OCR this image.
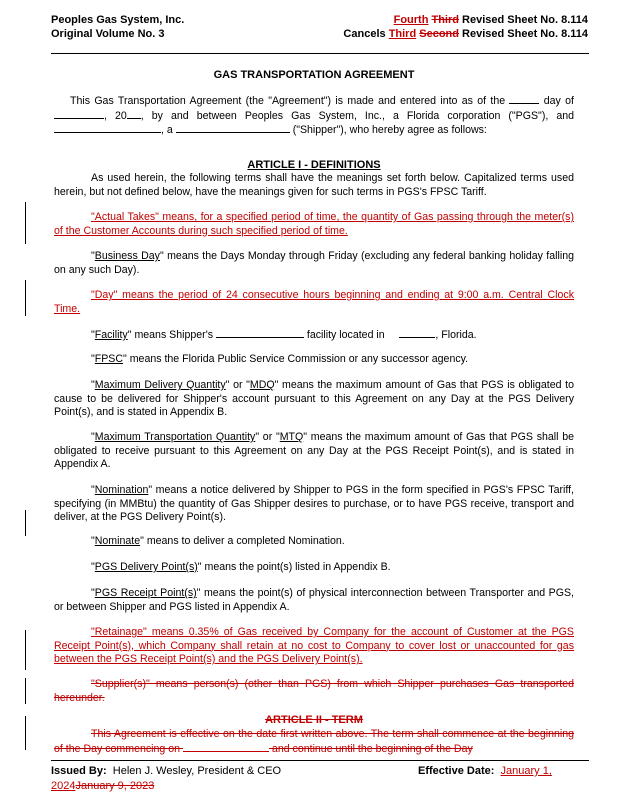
Peoples Gas System, Inc.
Original Volume No. 3
Fourth Third Revised Sheet No. 8.114
Cancels Third Second Revised Sheet No. 8.114
GAS TRANSPORTATION AGREEMENT
This Gas Transportation Agreement (the "Agreement") is made and entered into as of the	day of , 20 , by and between Peoples Gas System, Inc., a Florida corporation ("PGS"), and , a	("Shipper"), who hereby agree as follows:
ARTICLE I - DEFINITIONS
As used herein, the following terms shall have the meanings set forth below. Capitalized terms used herein, but not defined below, have the meanings given for such terms in PGS's FPSC Tariff.
"Actual Takes" means, for a specified period of time, the quantity of Gas passing through the meter(s) of the Customer Accounts during such specified period of time.
"Business Day" means the Days Monday through Friday (excluding any federal banking holiday falling on any such Day).
"Day" means the period of 24 consecutive hours beginning and ending at 9:00 a.m. Central Clock Time.
"Facility" means Shipper's	facility located in	, Florida.
"FPSC" means the Florida Public Service Commission or any successor agency.
"Maximum Delivery Quantity" or "MDQ" means the maximum amount of Gas that PGS is obligated to cause to be delivered for Shipper's account pursuant to this Agreement on any Day at the PGS Delivery Point(s), and is stated in Appendix B.
"Maximum Transportation Quantity" or "MTQ" means the maximum amount of Gas that PGS shall be obligated to receive pursuant to this Agreement on any Day at the PGS Receipt Point(s), and is stated in Appendix A.
"Nomination" means a notice delivered by Shipper to PGS in the form specified in PGS's FPSC Tariff, specifying (in MMBtu) the quantity of Gas Shipper desires to purchase, or to have PGS receive, transport and deliver, at the PGS Delivery Point(s).
"Nominate" means to deliver a completed Nomination.
"PGS Delivery Point(s)" means the point(s) listed in Appendix B.
"PGS Receipt Point(s)" means the point(s) of physical interconnection between Transporter and PGS, or between Shipper and PGS listed in Appendix A.
"Retainage" means 0.35% of Gas received by Company for the account of Customer at the PGS Receipt Point(s), which Company shall retain at no cost to Company to cover lost or unaccounted for gas between the PGS Receipt Point(s) and the PGS Delivery Point(s).
"Supplier(s)" means person(s) (other than PGS) from which Shipper purchases Gas transported hereunder.
ARTICLE II - TERM
This Agreement is effective on the date first written above. The term shall commence at the beginning of the Day commencing on	and continue until the beginning of the Day
Issued By: Helen J. Wesley, President & CEO	Effective Date: January 1,
2024January 9, 2023
